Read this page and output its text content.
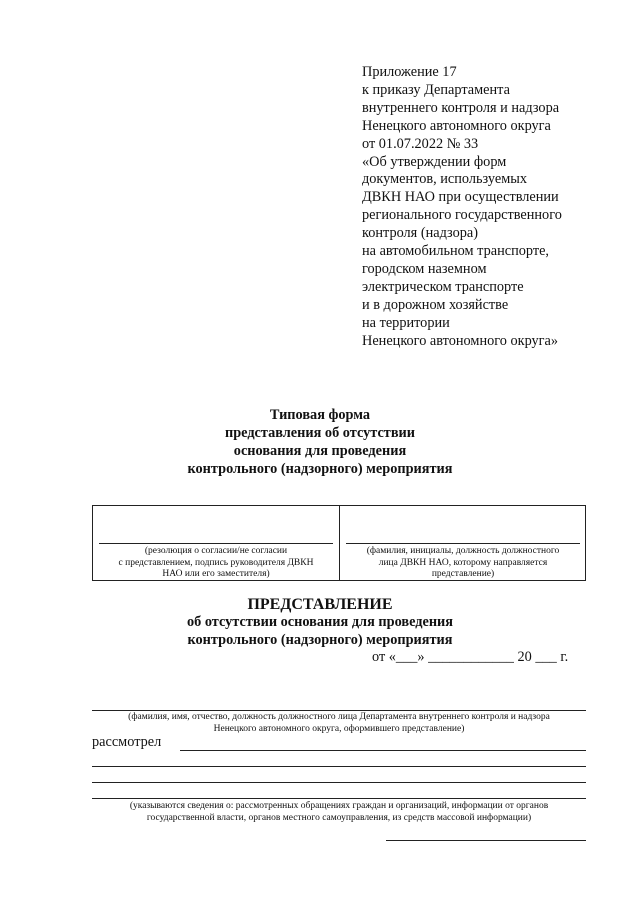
Приложение 17
к приказу Департамента
внутреннего контроля и надзора
Ненецкого автономного округа
от 01.07.2022 № 33
«Об утверждении форм
документов, используемых
ДВКН НАО при осуществлении
регионального государственного
контроля (надзора)
на автомобильном транспорте,
городском наземном
электрическом транспорте
и в дорожном хозяйстве
на территории
Ненецкого автономного округа»
Типовая форма
представления об отсутствии
основания для проведения
контрольного (надзорного) мероприятия
(резолюция о согласии/не согласии
с представлением, подпись руководителя ДВКН
НАО или его заместителя)
(фамилия, инициалы, должность должностного
лица ДВКН НАО, которому направляется
представление)
ПРЕДСТАВЛЕНИЕ
об отсутствии основания для проведения
контрольного (надзорного) мероприятия
от «___» ____________ 20 ___ г.
(фамилия, имя, отчество, должность должностного лица Департамента внутреннего контроля и надзора
Ненецкого автономного округа, оформившего представление)
рассмотрел
(указываются сведения о: рассмотренных обращениях граждан и организаций, информации от органов
государственной власти, органов местного самоуправления, из средств массовой информации)
